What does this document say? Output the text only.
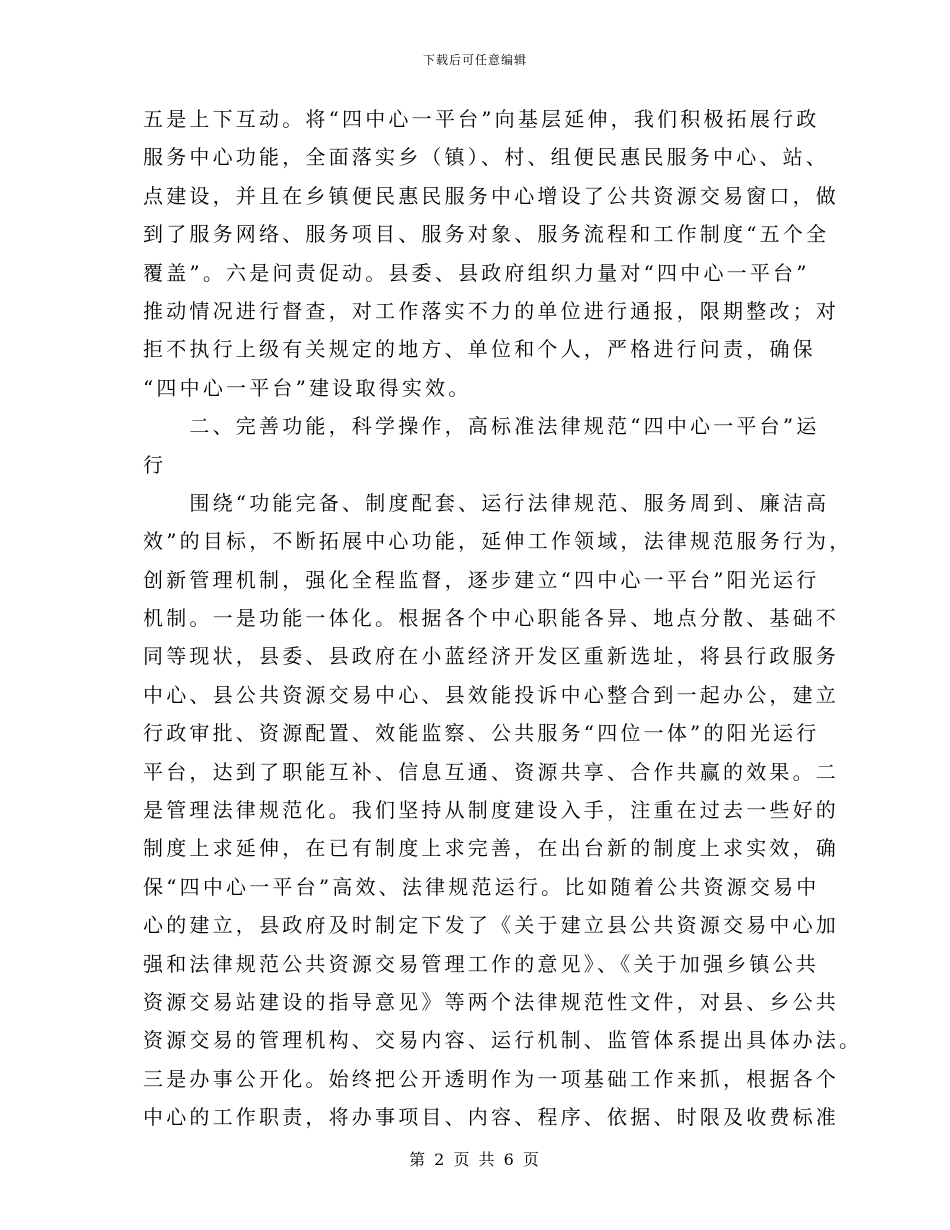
下载后可任意编辑
五是上下互动。将“四中心一平台”向基层延伸，我们积极拓展行政
服务中心功能，全面落实乡（镇）、村、组便民惠民服务中心、站、
点建设，并且在乡镇便民惠民服务中心增设了公共资源交易窗口，做
到了服务网络、服务项目、服务对象、服务流程和工作制度“五个全
覆盖”。六是问责促动。县委、县政府组织力量对“四中心一平台”
推动情况进行督查，对工作落实不力的单位进行通报，限期整改；对
拒不执行上级有关规定的地方、单位和个人，严格进行问责，确保
“四中心一平台”建设取得实效。
　　二、完善功能，科学操作，高标准法律规范“四中心一平台”运
行
　　围绕“功能完备、制度配套、运行法律规范、服务周到、廉洁高
效”的目标，不断拓展中心功能，延伸工作领域，法律规范服务行为，
创新管理机制，强化全程监督，逐步建立“四中心一平台”阳光运行
机制。一是功能一体化。根据各个中心职能各异、地点分散、基础不
同等现状，县委、县政府在小蓝经济开发区重新选址，将县行政服务
中心、县公共资源交易中心、县效能投诉中心整合到一起办公，建立
行政审批、资源配置、效能监察、公共服务“四位一体”的阳光运行
平台，达到了职能互补、信息互通、资源共享、合作共赢的效果。二
是管理法律规范化。我们坚持从制度建设入手，注重在过去一些好的
制度上求延伸，在已有制度上求完善，在出台新的制度上求实效，确
保“四中心一平台”高效、法律规范运行。比如随着公共资源交易中
心的建立，县政府及时制定下发了《关于建立县公共资源交易中心加
强和法律规范公共资源交易管理工作的意见》、《关于加强乡镇公共
资源交易站建设的指导意见》等两个法律规范性文件，对县、乡公共
资源交易的管理机构、交易内容、运行机制、监管体系提出具体办法。
三是办事公开化。始终把公开透明作为一项基础工作来抓，根据各个
中心的工作职责，将办事项目、内容、程序、依据、时限及收费标准
第 2 页 共 6 页
